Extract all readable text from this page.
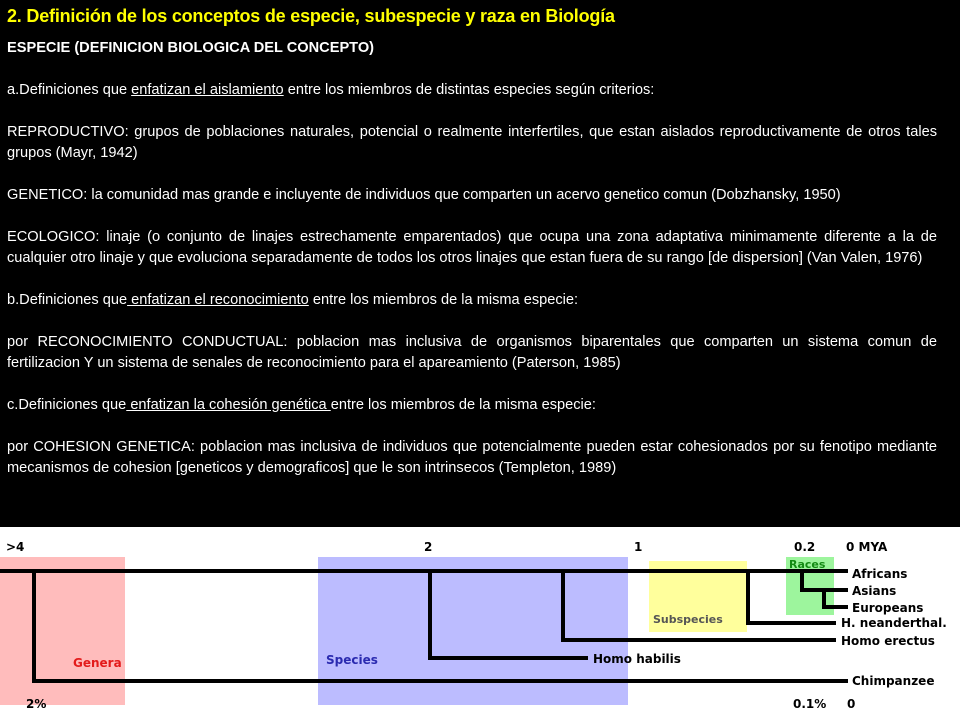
2. Definición de los conceptos de especie, subespecie y raza en Biología

ESPECIE (DEFINICION BIOLOGICA DEL CONCEPTO)

a.Definiciones que enfatizan el aislamiento entre los miembros de distintas especies según criterios:

REPRODUCTIVO: grupos de poblaciones naturales, potencial o realmente interfertiles, que estan aislados reproductivamente de otros tales grupos (Mayr, 1942)

GENETICO: la comunidad mas grande e incluyente de individuos que comparten un acervo genetico comun (Dobzhansky, 1950)

ECOLOGICO: linaje (o conjunto de linajes estrechamente emparentados) que ocupa una zona adaptativa minimamente diferente a la de cualquier otro linaje y que evoluciona separadamente de todos los otros linajes que estan fuera de su rango [de dispersion] (Van Valen, 1976)

b.Definiciones que enfatizan el reconocimiento entre los miembros de la misma especie:

por RECONOCIMIENTO CONDUCTUAL: poblacion mas inclusiva de organismos biparentales que comparten un sistema comun de fertilizacion Y un sistema de senales de reconocimiento para el apareamiento (Paterson, 1985)

c.Definiciones que enfatizan la cohesión genética entre los miembros de la misma especie:

por COHESION GENETICA: poblacion mas inclusiva de individuos que potencialmente pueden estar cohesionados por su fenotipo mediante mecanismos de cohesion [geneticos y demograficos] que le son intrinsecos (Templeton, 1989)

>4	2	1	0.2	0 MYA
2%	0.1% 0
Genera	Species
Subspecies
Races
Africans
Asians
Europeans
H. neanderthal.
Homo erectus
Homo habilis
Chimpanzee
